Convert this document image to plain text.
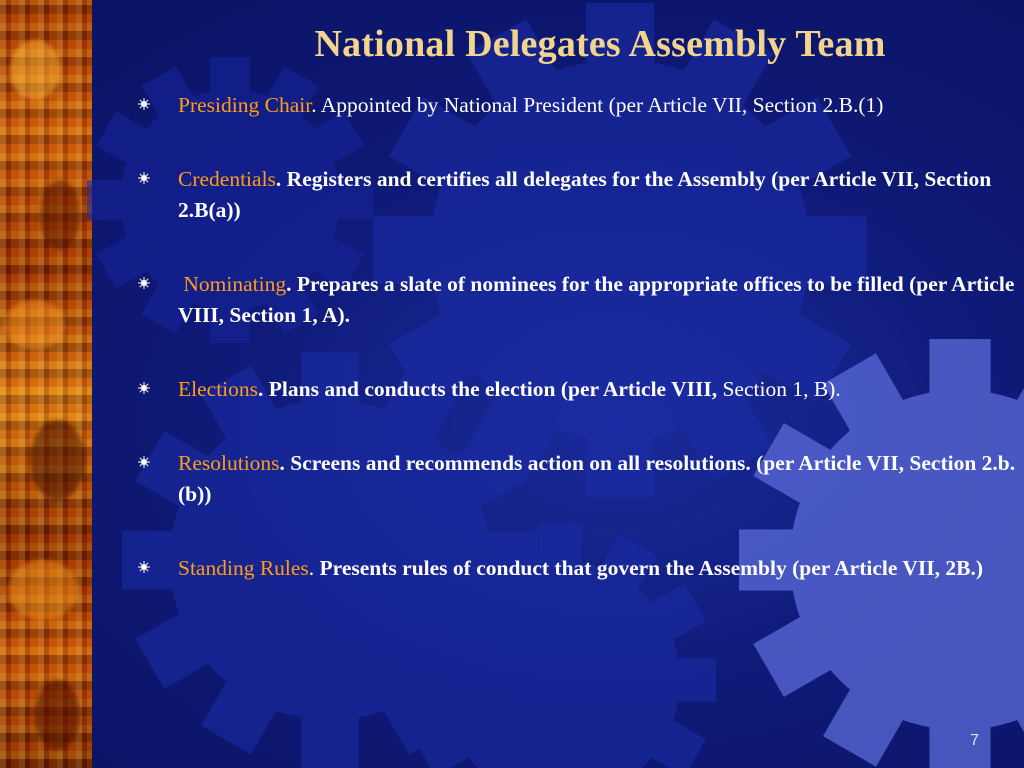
National Delegates Assembly Team
Presiding Chair. Appointed by National President (per Article VII, Section 2.B.(1)
Credentials. Registers and certifies all delegates for the Assembly (per Article VII, Section 2.B(a))
Nominating. Prepares a slate of nominees for the appropriate offices to be filled (per Article VIII, Section 1, A).
Elections. Plans and conducts the election (per Article VIII, Section 1, B).
Resolutions. Screens and recommends action on all resolutions. (per Article VII, Section 2.b.(b))
Standing Rules. Presents rules of conduct that govern the Assembly (per Article VII, 2B.)
7
